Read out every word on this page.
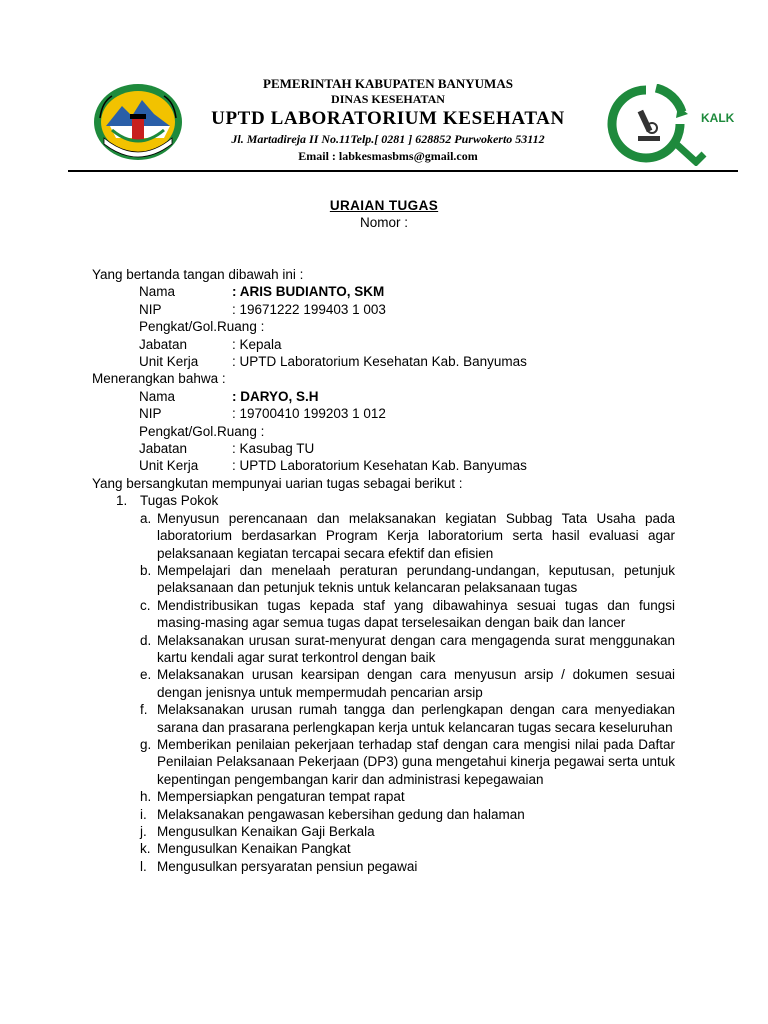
PEMERINTAH KABUPATEN BANYUMAS
DINAS KESEHATAN
UPTD LABORATORIUM KESEHATAN
Jl. Martadireja II No.11Telp.[ 0281 ] 628852 Purwokerto 53112
Email : labkesmasbms@gmail.com
KALK
URAIAN TUGAS
Nomor :
Yang bertanda tangan dibawah ini :
Nama	: ARIS BUDIANTO, SKM
NIP	: 19671222 199403 1 003
Pengkat/Gol.Ruang :
Jabatan	: Kepala
Unit Kerja	: UPTD Laboratorium Kesehatan Kab. Banyumas
Menerangkan bahwa :
Nama	: DARYO, S.H
NIP	: 19700410 199203 1 012
Pengkat/Gol.Ruang :
Jabatan	: Kasubag TU
Unit Kerja	: UPTD Laboratorium Kesehatan Kab. Banyumas
Yang bersangkutan mempunyai uarian tugas sebagai berikut :
1. Tugas Pokok
a. Menyusun perencanaan dan melaksanakan kegiatan Subbag Tata Usaha pada laboratorium berdasarkan Program Kerja laboratorium serta hasil evaluasi agar pelaksanaan kegiatan tercapai secara efektif dan efisien
b. Mempelajari dan menelaah peraturan perundang-undangan, keputusan, petunjuk pelaksanaan dan petunjuk teknis untuk kelancaran pelaksanaan tugas
c. Mendistribusikan tugas kepada staf yang dibawahinya sesuai tugas dan fungsi masing-masing agar semua tugas dapat terselesaikan dengan baik dan lancer
d. Melaksanakan urusan surat-menyurat dengan cara mengagenda surat menggunakan kartu kendali agar surat terkontrol dengan baik
e. Melaksanakan urusan kearsipan dengan cara menyusun arsip / dokumen sesuai dengan jenisnya untuk mempermudah pencarian arsip
f. Melaksanakan urusan rumah tangga dan perlengkapan dengan cara menyediakan sarana dan prasarana perlengkapan kerja untuk kelancaran tugas secara keseluruhan
g. Memberikan penilaian pekerjaan terhadap staf dengan cara mengisi nilai pada Daftar Penilaian Pelaksanaan Pekerjaan (DP3) guna mengetahui kinerja pegawai serta untuk kepentingan pengembangan karir dan administrasi kepegawaian
h. Mempersiapkan pengaturan tempat rapat
i. Melaksanakan pengawasan kebersihan gedung dan halaman
j. Mengusulkan Kenaikan Gaji Berkala
k. Mengusulkan Kenaikan Pangkat
l. Mengusulkan persyaratan pensiun pegawai
